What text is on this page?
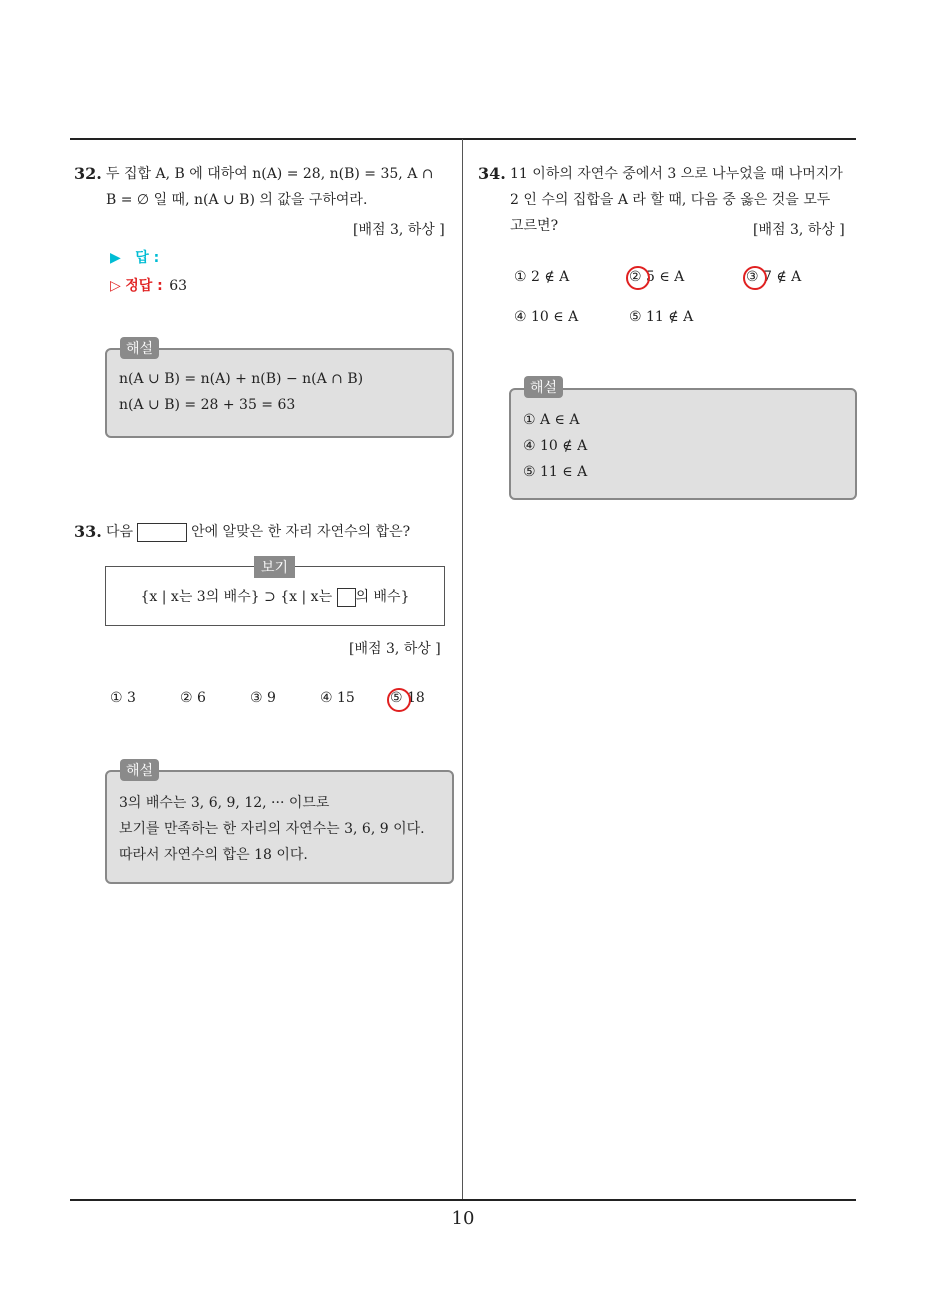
32. 두 집합 A, B 에 대하여 n(A) = 28, n(B) = 35, A ∩
B = ∅ 일 때, n(A ∪ B) 의 값을 구하여라.
[배점 3, 하상 ]
▶ 답 :
▷ 정답 : 63
n(A ∪ B) = n(A) + n(B) − n(A ∩ B)
n(A ∪ B) = 28 + 35 = 63
해설
33. 다음	안에 알맞은 한 자리 자연수의 합은?
{x | x는 3의 배수} ⊃ {x | x는 의 배수}
보기
[배점 3, 하상 ]
① 3	② 6	③ 9	④ 15	⑤ 18
3의 배수는 3, 6, 9, 12, ··· 이므로
보기를 만족하는 한 자리의 자연수는 3, 6, 9 이다.
따라서 자연수의 합은 18 이다.
해설
34. 11 이하의 자연수 중에서 3 으로 나누었을 때 나머지가
2 인 수의 집합을 A 라 할 때, 다음 중 옳은 것을 모두
고르면?	[배점 3, 하상 ]
① 2 ∉ A	② 5 ∈ A	③ 7 ∉ A
④ 10 ∈ A	⑤ 11 ∉ A
① A ∈ A
④ 10 ∉ A
⑤ 11 ∈ A
해설
10
